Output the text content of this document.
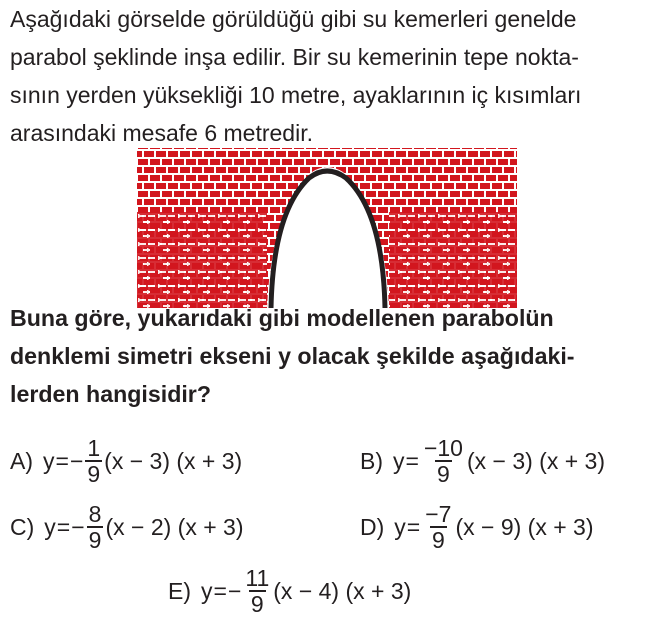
Aşağıdaki görselde görüldüğü gibi su kemerleri genelde
parabol şeklinde inşa edilir. Bir su kemerinin tepe nokta-
sının yerden yüksekliği 10 metre, ayaklarının iç kısımları
arasındaki mesafe 6 metredir.
Buna göre, yukarıdaki gibi modellenen parabolün
denklemi simetri ekseni y olacak şekilde aşağıdaki-
lerden hangisidir?
A) y = − $\frac{1}{9} (x - 3) (x + 3)$	B) $y = \frac{-10}{9} (x - 3) (x + 3)$
C) y = − $\frac{8}{9} (x - 2) (x + 3)$	D) $y = \frac{-7}{9} (x - 9) (x + 3)$
E) y = − $\frac{11}{9} (x - 4) (x + 3)$
